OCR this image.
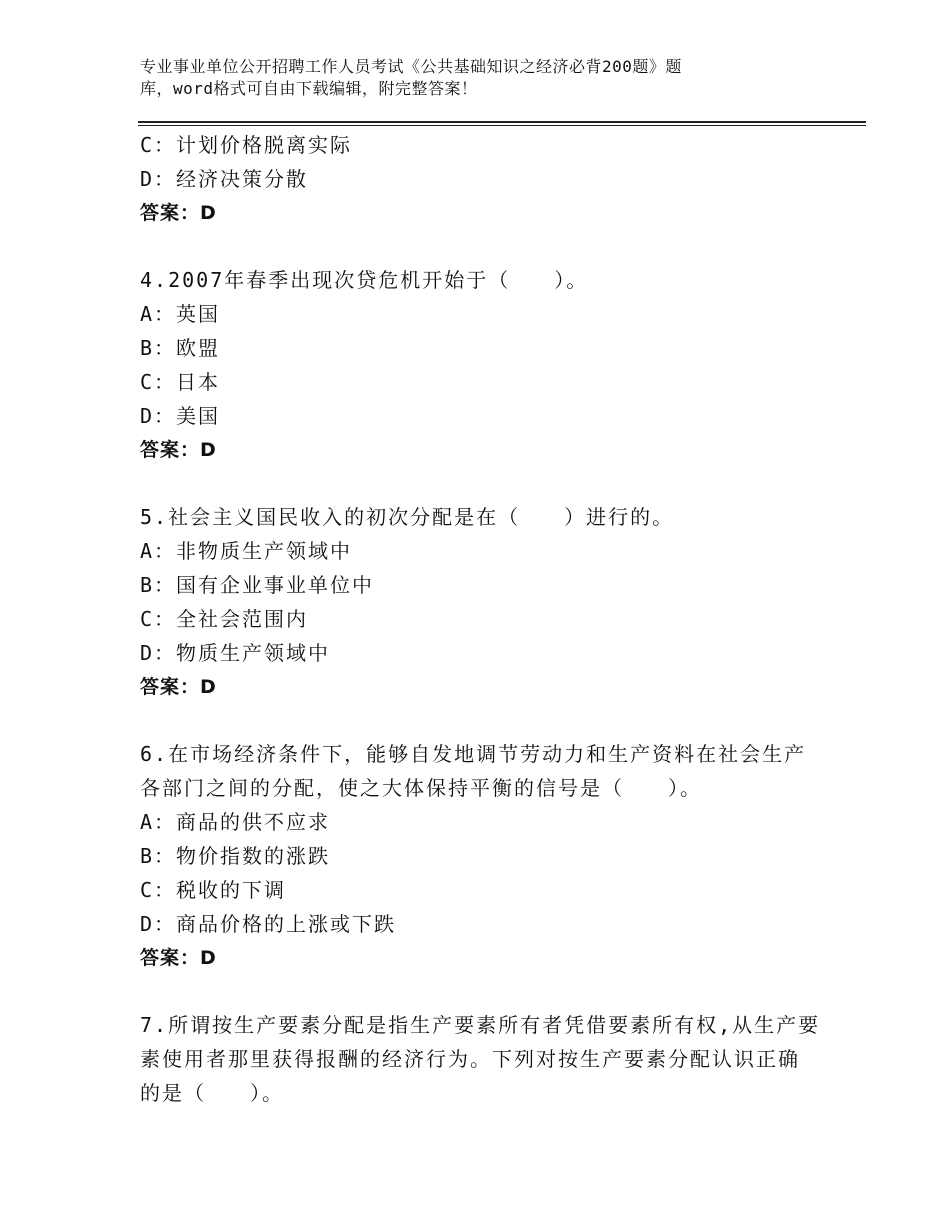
专业事业单位公开招聘工作人员考试《公共基础知识之经济必背200题》题
库，word格式可自由下载编辑，附完整答案！
C：计划价格脱离实际
D：经济决策分散
答案：D
4.2007年春季出现次贷危机开始于（　　）。
A：英国
B：欧盟
C：日本
D：美国
答案：D
5.社会主义国民收入的初次分配是在（　　）进行的。
A：非物质生产领域中
B：国有企业事业单位中
C：全社会范围内
D：物质生产领域中
答案：D
6.在市场经济条件下，能够自发地调节劳动力和生产资料在社会生产
各部门之间的分配，使之大体保持平衡的信号是（　　）。
A：商品的供不应求
B：物价指数的涨跌
C：税收的下调
D：商品价格的上涨或下跌
答案：D
7.所谓按生产要素分配是指生产要素所有者凭借要素所有权,从生产要
素使用者那里获得报酬的经济行为。下列对按生产要素分配认识正确
的是（　　）。
